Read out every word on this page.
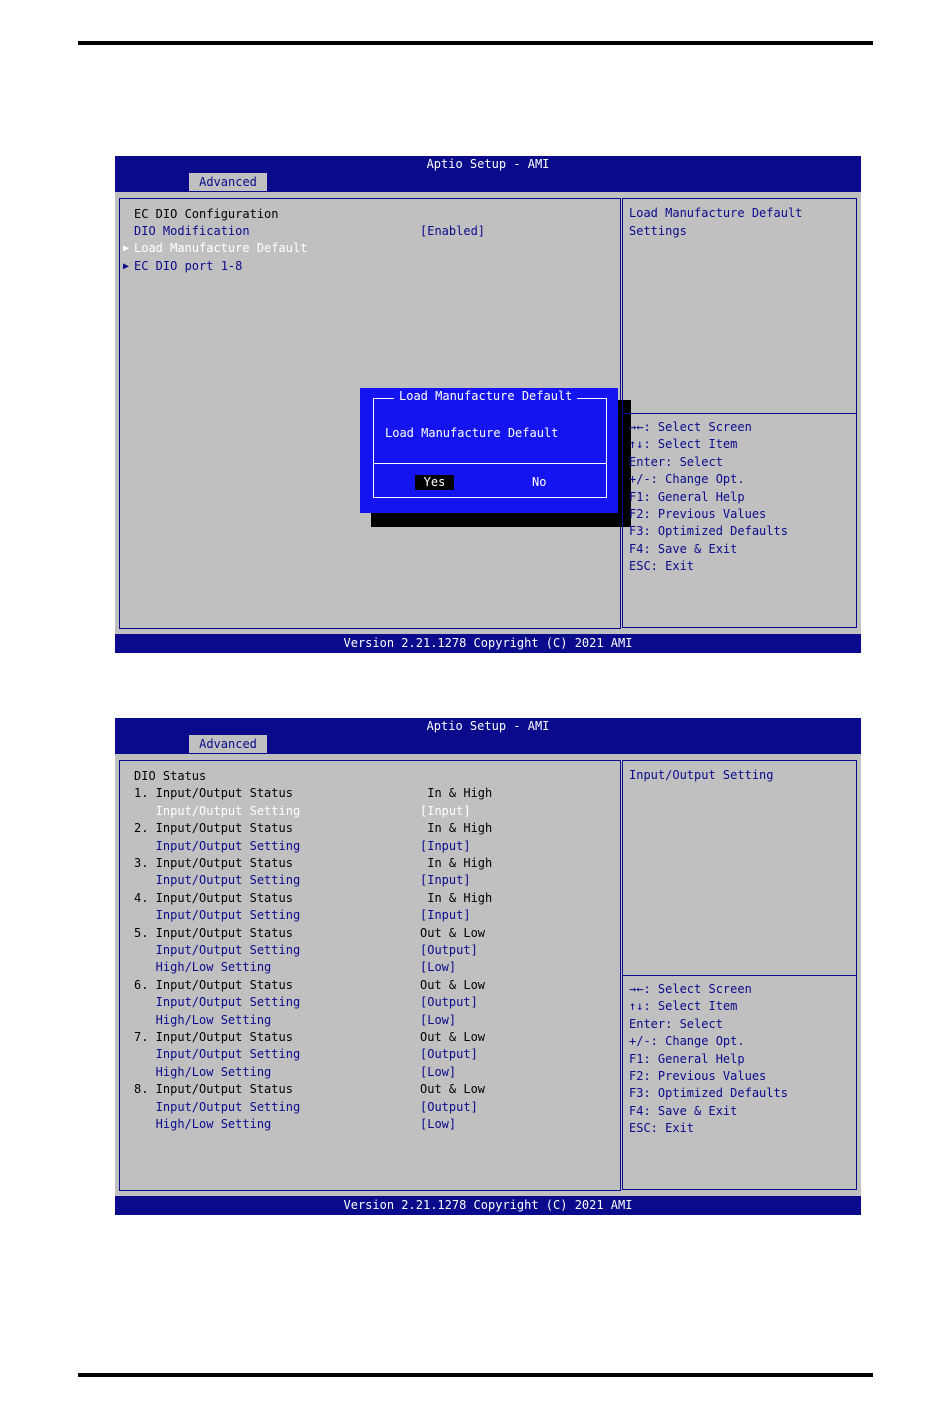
Aptio Setup - AMI
Advanced
EC DIO Configuration
DIO Modification	[Enabled]
▶ Load Manufacture Default
▶ EC DIO port 1-8
Load Manufacture Default
Load Manufacture Default
Yes	No
Load Manufacture Default
Settings
→←: Select Screen
↑↓: Select Item
Enter: Select
+/-: Change Opt.
F1: General Help
F2: Previous Values
F3: Optimized Defaults
F4: Save & Exit
ESC: Exit
Version 2.21.1278 Copyright (C) 2021 AMI
Aptio Setup - AMI
Advanced
DIO Status
1. Input/Output Status	In & High
Input/Output Setting	[Input]
2. Input/Output Status	In & High
Input/Output Setting	[Input]
3. Input/Output Status	In & High
Input/Output Setting	[Input]
4. Input/Output Status	In & High
Input/Output Setting	[Input]
5. Input/Output Status	Out & Low
Input/Output Setting	[Output]
High/Low Setting	[Low]
6. Input/Output Status	Out & Low
Input/Output Setting	[Output]
High/Low Setting	[Low]
7. Input/Output Status	Out & Low
Input/Output Setting	[Output]
High/Low Setting	[Low]
8. Input/Output Status	Out & Low
Input/Output Setting	[Output]
High/Low Setting	[Low]
Input/Output Setting
→←: Select Screen
↑↓: Select Item
Enter: Select
+/-: Change Opt.
F1: General Help
F2: Previous Values
F3: Optimized Defaults
F4: Save & Exit
ESC: Exit
Version 2.21.1278 Copyright (C) 2021 AMI
